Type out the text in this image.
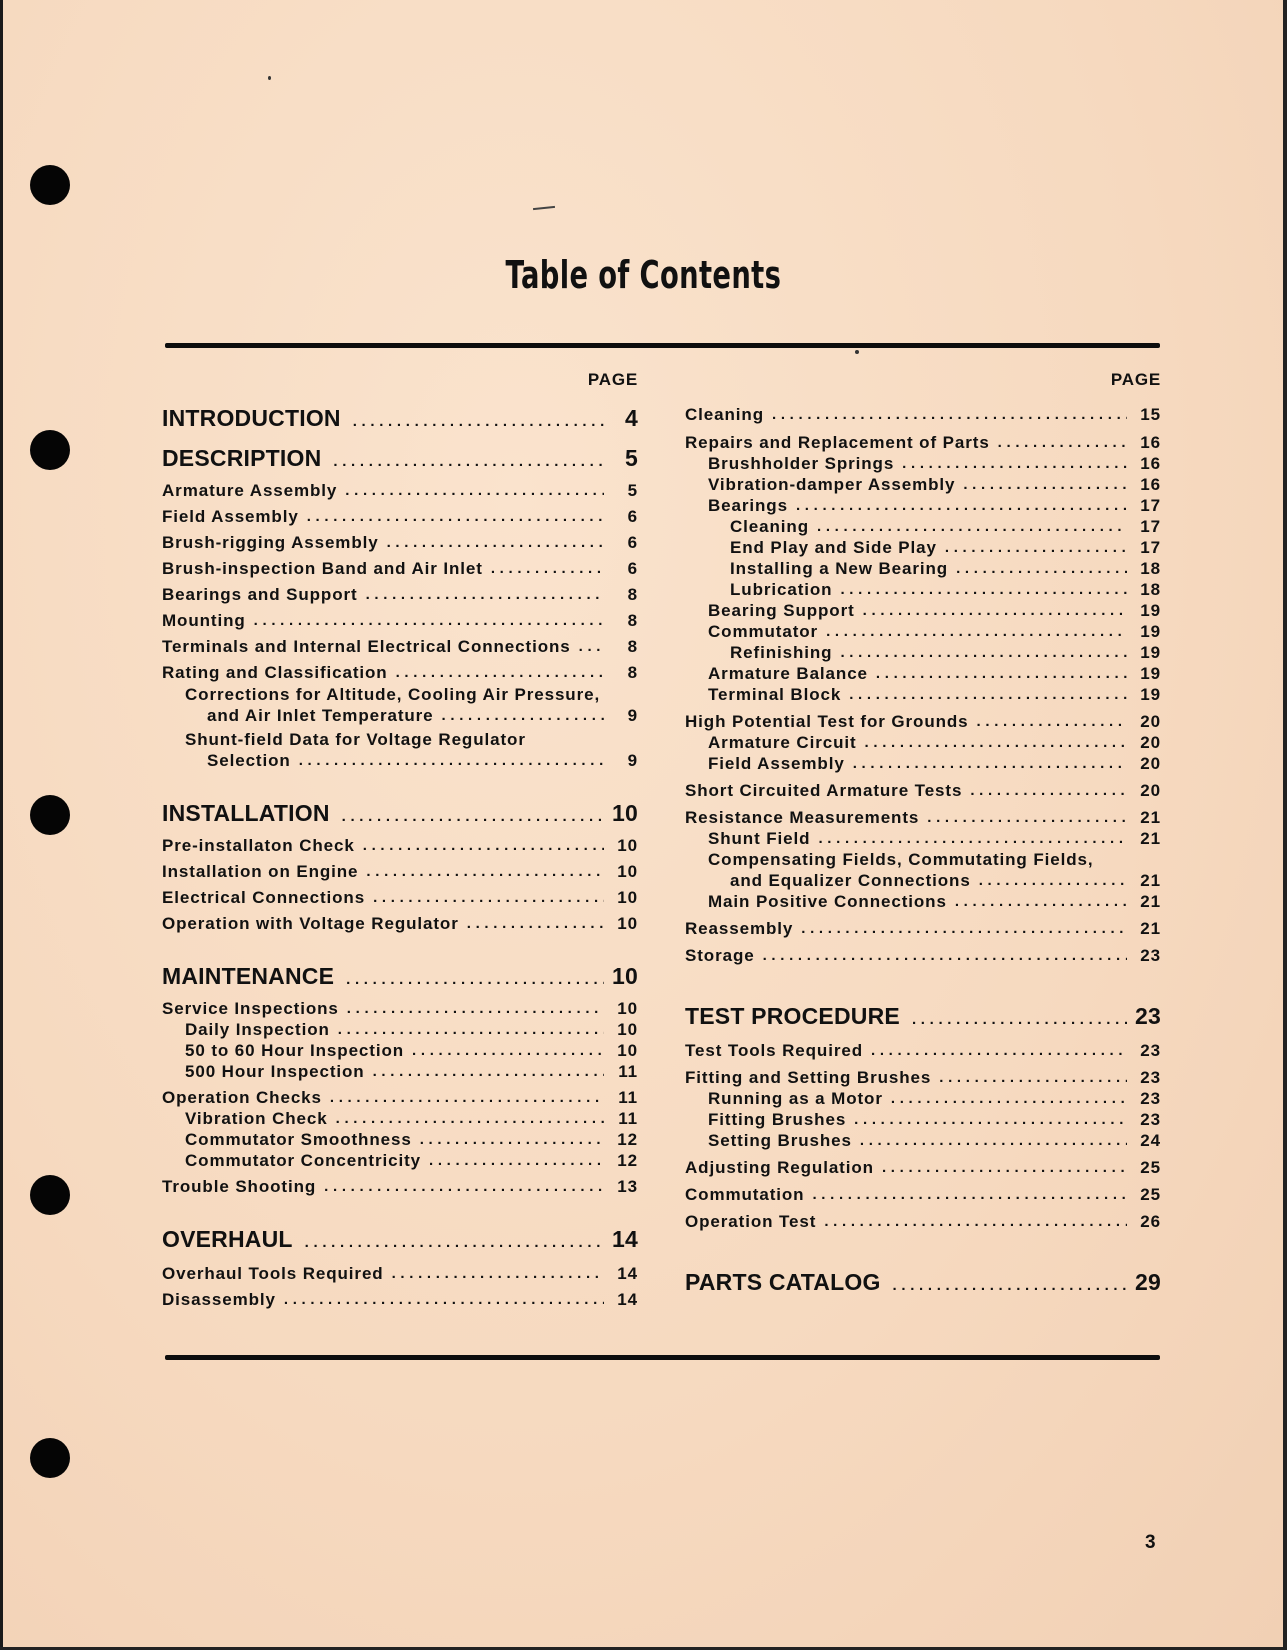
Table of Contents
PAGE
INTRODUCTION . . .	4
DESCRIPTION . . .	5
Armature Assembly . . .	5
Field Assembly . . .	6
Brush-rigging Assembly . . .	6
Brush-inspection Band and Air Inlet . . .	6
Bearings and Support . . .	8
Mounting . . .	8
Terminals and Internal Electrical Connections . . .	8
Rating and Classification . . .	8
Corrections for Altitude, Cooling Air Pressure,
and Air Inlet Temperature . . .	9
Shunt-field Data for Voltage Regulator
Selection . . .	9
INSTALLATION . . .	10
Pre-installaton Check . . .	10
Installation on Engine . . .	10
Electrical Connections . . .	10
Operation with Voltage Regulator . . .	10
MAINTENANCE . . .	10
Service Inspections . . .	10
Daily Inspection . . .	10
50 to 60 Hour Inspection . . .	10
500 Hour Inspection . . .	11
Operation Checks . . .	11
Vibration Check . . .	11
Commutator Smoothness . . .	12
Commutator Concentricity . . .	12
Trouble Shooting . . .	13
OVERHAUL . . .	14
Overhaul Tools Required . . .	14
Disassembly . . .	14
PAGE
Cleaning . . .	15
Repairs and Replacement of Parts . . .	16
Brushholder Springs . . .	16
Vibration-damper Assembly . . .	16
Bearings . . .	17
Cleaning . . .	17
End Play and Side Play . . .	17
Installing a New Bearing . . .	18
Lubrication . . .	18
Bearing Support . . .	19
Commutator . . .	19
Refinishing . . .	19
Armature Balance . . .	19
Terminal Block . . .	19
High Potential Test for Grounds . . .	20
Armature Circuit . . .	20
Field Assembly . . .	20
Short Circuited Armature Tests . . .	20
Resistance Measurements . . .	21
Shunt Field . . .	21
Compensating Fields, Commutating Fields,
and Equalizer Connections . . .	21
Main Positive Connections . . .	21
Reassembly . . .	21
Storage . . .	23
TEST PROCEDURE . . .	23
Test Tools Required . . .	23
Fitting and Setting Brushes . . .	23
Running as a Motor . . .	23
Fitting Brushes . . .	23
Setting Brushes . . .	24
Adjusting Regulation . . .	25
Commutation . . .	25
Operation Test . . .	26
PARTS CATALOG . . .	29
3
